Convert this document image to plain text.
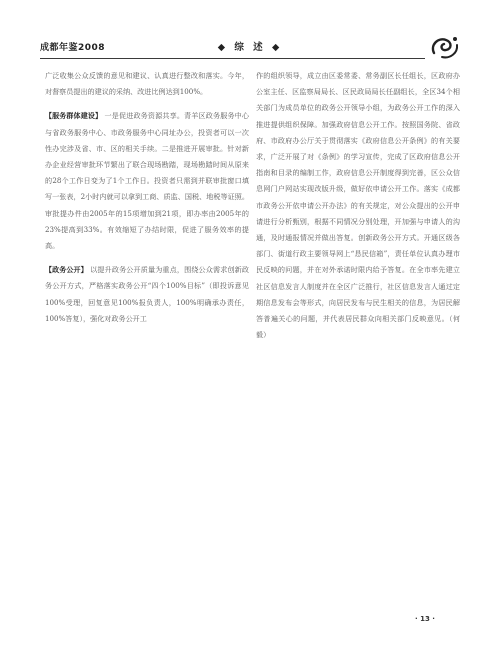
成都年鉴2008	◆ 综 述 ◆

广泛收集公众反馈的意见和建议、认真进行整改和落实。今年，对督察员提出的建议的采纳、改进比例达到100%。

【服务群体建设】 一是促进政务资源共享。青羊区政务服务中心与省政务服务中心、市政务服务中心同址办公，投资者可以一次性办完涉及省、市、区的相关手续。二是推进开展审批。针对新办企业经营审批环节繁出了联合现场勘踏，现场勘踏时间从原来的28个工作日变为了1个工作日。投资者只需到并联审批窗口填写一张表，2小时内就可以拿到工商、质监、国税、地税等证照。审批提办件由2005年的15项增加到21项，即办率由2005年的23%提高到33%。有效缩短了办结时限，促进了服务效率的提高。

【政务公开】 以提升政务公开质量为重点，围绕公众需求创新政务公开方式，严格落实政务公开“四个100%目标”（即投诉意见100%受理，回复意见100%报负责人，100%明确承办责任，100%答复），强化对政务公开工

作的组织领导，成立由区委常委、常务副区长任组长，区政府办公室主任、区监察局局长、区民政局局长任副组长，全区34个相关部门为成员单位的政务公开领导小组，为政务公开工作的深入推进提供组织保障。加强政府信息公开工作。按照国务院、省政府、市政府办公厅关于贯彻落实《政府信息公开条例》的有关要求，广泛开展了对《条例》的学习宣传，完成了区政府信息公开指南和目录的编制工作，政府信息公开制度得到完善，区公众信息网门户网站实现改版升级，做好依申请公开工作。落实《成都市政务公开依申请公开办法》的有关规定，对公众提出的公开申请进行分析甄别，根据不同情况分别处理，开加强与申请人的沟通，及时通报情况并做出答复。创新政务公开方式。开通区级各部门、街道行政主要领导网上“恳民信箱”，责任单位认真办理市民反映的问题，并在对外承诺时限内给予答复。在全市率先建立社区信息发言人制度并在全区广泛推行，社区信息发言人通过定期信息发布会等形式，向居民发布与民生相关的信息，为居民解答普遍关心的问题，并代表居民群众向相关部门反映意见。（何毅）

· 13 ·
